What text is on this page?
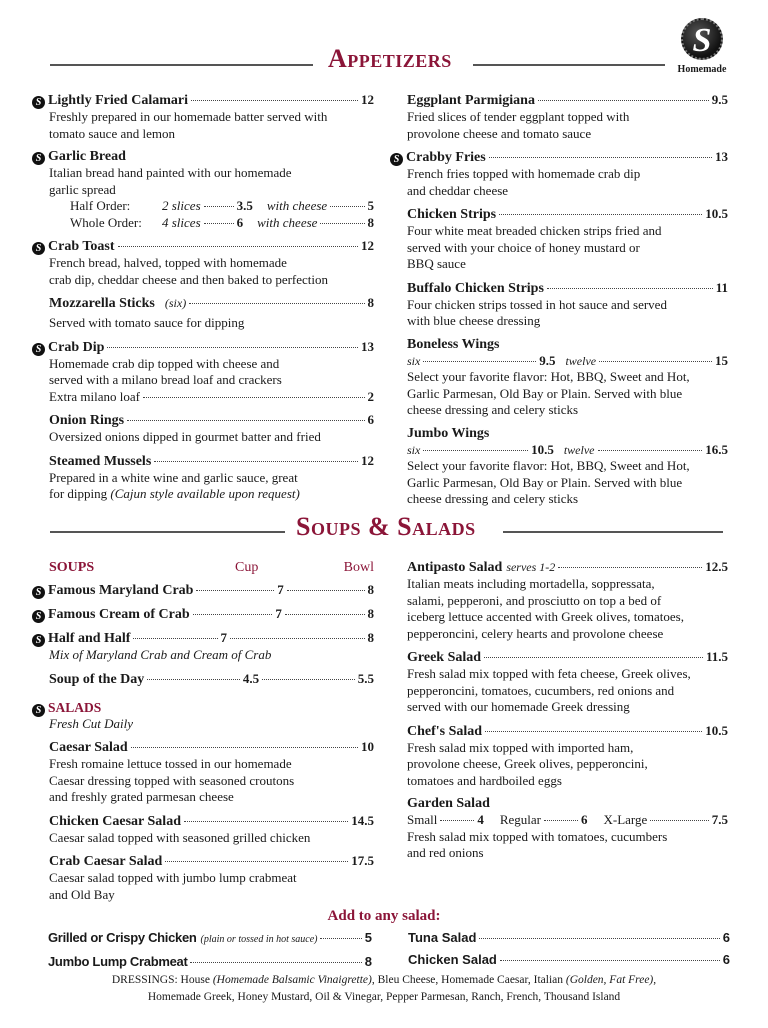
Appetizers	S
Homemade
S Lightly Fried Calamari	12
Freshly prepared in our homemade batter served with
tomato sauce and lemon
S Garlic Bread
Italian bread hand painted with our homemade
garlic spread
Half Order:	2 slices	3.5 with cheese	5
Whole Order:	4 slices	6 with cheese	8
S Crab Toast	12
French bread, halved, topped with homemade
crab dip, cheddar cheese and then baked to perfection
Mozzarella Sticks (six)	8
Served with tomato sauce for dipping
S Crab Dip	13
Homemade crab dip topped with cheese and
served with a milano bread loaf and crackers
Extra milano loaf	2
Onion Rings	6
Oversized onions dipped in gourmet batter and fried
Steamed Mussels	12
Prepared in a white wine and garlic sauce, great
for dipping (Cajun style available upon request)
Eggplant Parmigiana	9.5
Fried slices of tender eggplant topped with
provolone cheese and tomato sauce
S Crabby Fries	13
French fries topped with homemade crab dip
and cheddar cheese
Chicken Strips	10.5
Four white meat breaded chicken strips fried and
served with your choice of honey mustard or
BBQ sauce
Buffalo Chicken Strips	11
Four chicken strips tossed in hot sauce and served
with blue cheese dressing
Boneless Wings
six	9.5 twelve	15
Select your favorite flavor: Hot, BBQ, Sweet and Hot,
Garlic Parmesan, Old Bay or Plain. Served with blue
cheese dressing and celery sticks
Jumbo Wings
six	10.5 twelve	16.5
Select your favorite flavor: Hot, BBQ, Sweet and Hot,
Garlic Parmesan, Old Bay or Plain. Served with blue
cheese dressing and celery sticks
Soups & Salads
SOUPS	Cup	Bowl
S Famous Maryland Crab	7	8
S Famous Cream of Crab	7	8
S Half and Half	7	8
Mix of Maryland Crab and Cream of Crab
Soup of the Day	4.5	5.5
S SALADS
Fresh Cut Daily
Caesar Salad	10
Fresh romaine lettuce tossed in our homemade
Caesar dressing topped with seasoned croutons
and freshly grated parmesan cheese
Chicken Caesar Salad	14.5
Caesar salad topped with seasoned grilled chicken
Crab Caesar Salad	17.5
Caesar salad topped with jumbo lump crabmeat
and Old Bay
Antipasto Salad serves 1-2	12.5
Italian meats including mortadella, soppressata,
salami, pepperoni, and prosciutto on top a bed of
iceberg lettuce accented with Greek olives, tomatoes,
pepperoncini, celery hearts and provolone cheese
Greek Salad	11.5
Fresh salad mix topped with feta cheese, Greek olives,
pepperoncini, tomatoes, cucumbers, red onions and
served with our homemade Greek dressing
Chef's Salad	10.5
Fresh salad mix topped with imported ham,
provolone cheese, Greek olives, pepperoncini,
tomatoes and hardboiled eggs
Garden Salad
Small	4 Regular	6 X-Large	7.5
Fresh salad mix topped with tomatoes, cucumbers
and red onions
Add to any salad:
Grilled or Crispy Chicken (plain or tossed in hot sauce)	5
Jumbo Lump Crabmeat	8
Tuna Salad	6
Chicken Salad	6
DRESSINGS: House (Homemade Balsamic Vinaigrette), Bleu Cheese, Homemade Caesar, Italian (Golden, Fat Free),
Homemade Greek, Honey Mustard, Oil & Vinegar, Pepper Parmesan, Ranch, French, Thousand Island
